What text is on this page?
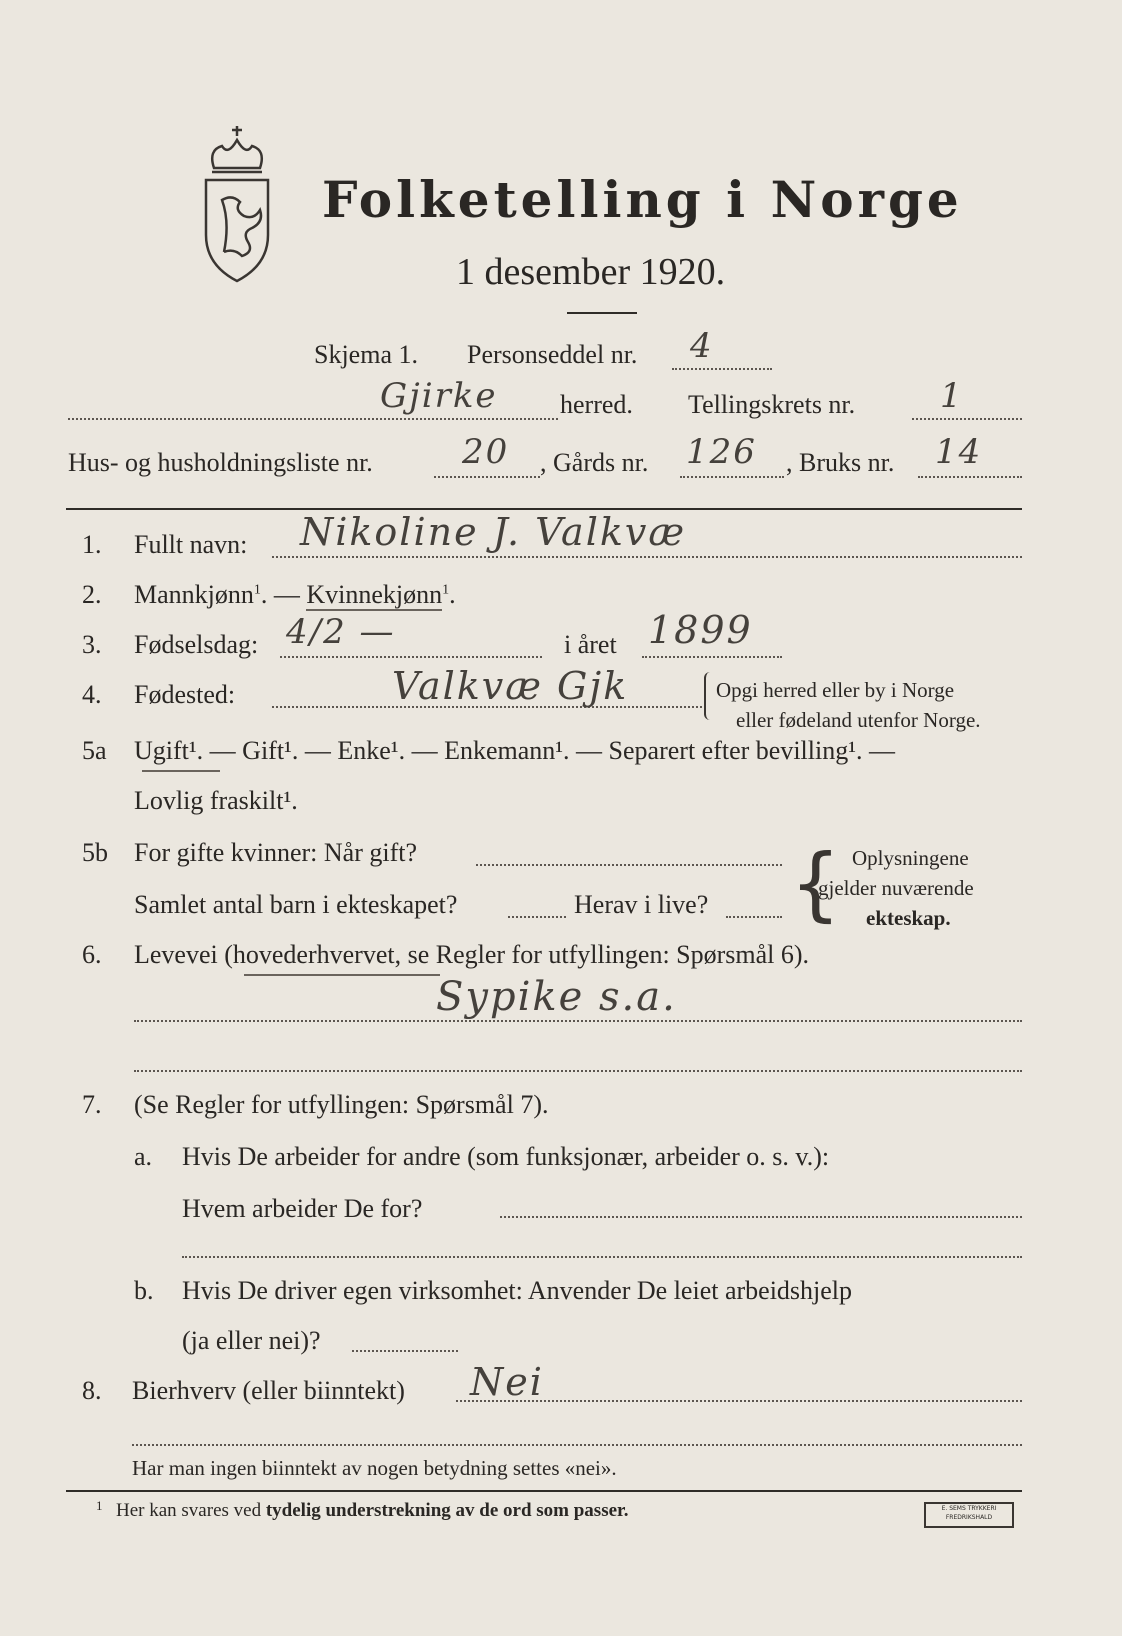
Folketelling i Norge
1 desember 1920.
Skjema 1. Personseddel nr. 4
Gjirke herred. Tellingskrets nr. 1
Hus- og husholdningsliste nr.	20 , Gårds nr. 126 , Bruks nr. 14
1. Fullt navn: Nikoline J. Valkvæ
2. Mannkjønn$^1$. — Kvinnekjønn$^1$.
3. Fødselsdag: 4/2 —	i året 1899
4. Fødested:	Valkvæ Gjk	Opgi herred eller by i Norge
eller fødeland utenfor Norge.
5a Ugift¹. — Gift¹. — Enke¹. — Enkemann¹. — Separert efter bevilling¹. —
Lovlig fraskilt¹.
5b For gifte kvinner: Når gift?
Samlet antal barn i ekteskapet?	Herav i live? { Oplysningene
gjelder nuværende
ekteskap.
6. Levevei (hovederhvervet, se Regler for utfyllingen: Spørsmål 6).
Sypike s.a.
7. (Se Regler for utfyllingen: Spørsmål 7).
a. Hvis De arbeider for andre (som funksjonær, arbeider o. s. v.):
Hvem arbeider De for?
b. Hvis De driver egen virksomhet: Anvender De leiet arbeidshjelp
(ja eller nei)?
8. Bierhverv (eller biinntekt) Nei
Har man ingen biinntekt av nogen betydning settes «nei».
1 Her kan svares ved tydelig understrekning av de ord som passer.	E. SEMS TRYKKERI
FREDRIKSHALD
